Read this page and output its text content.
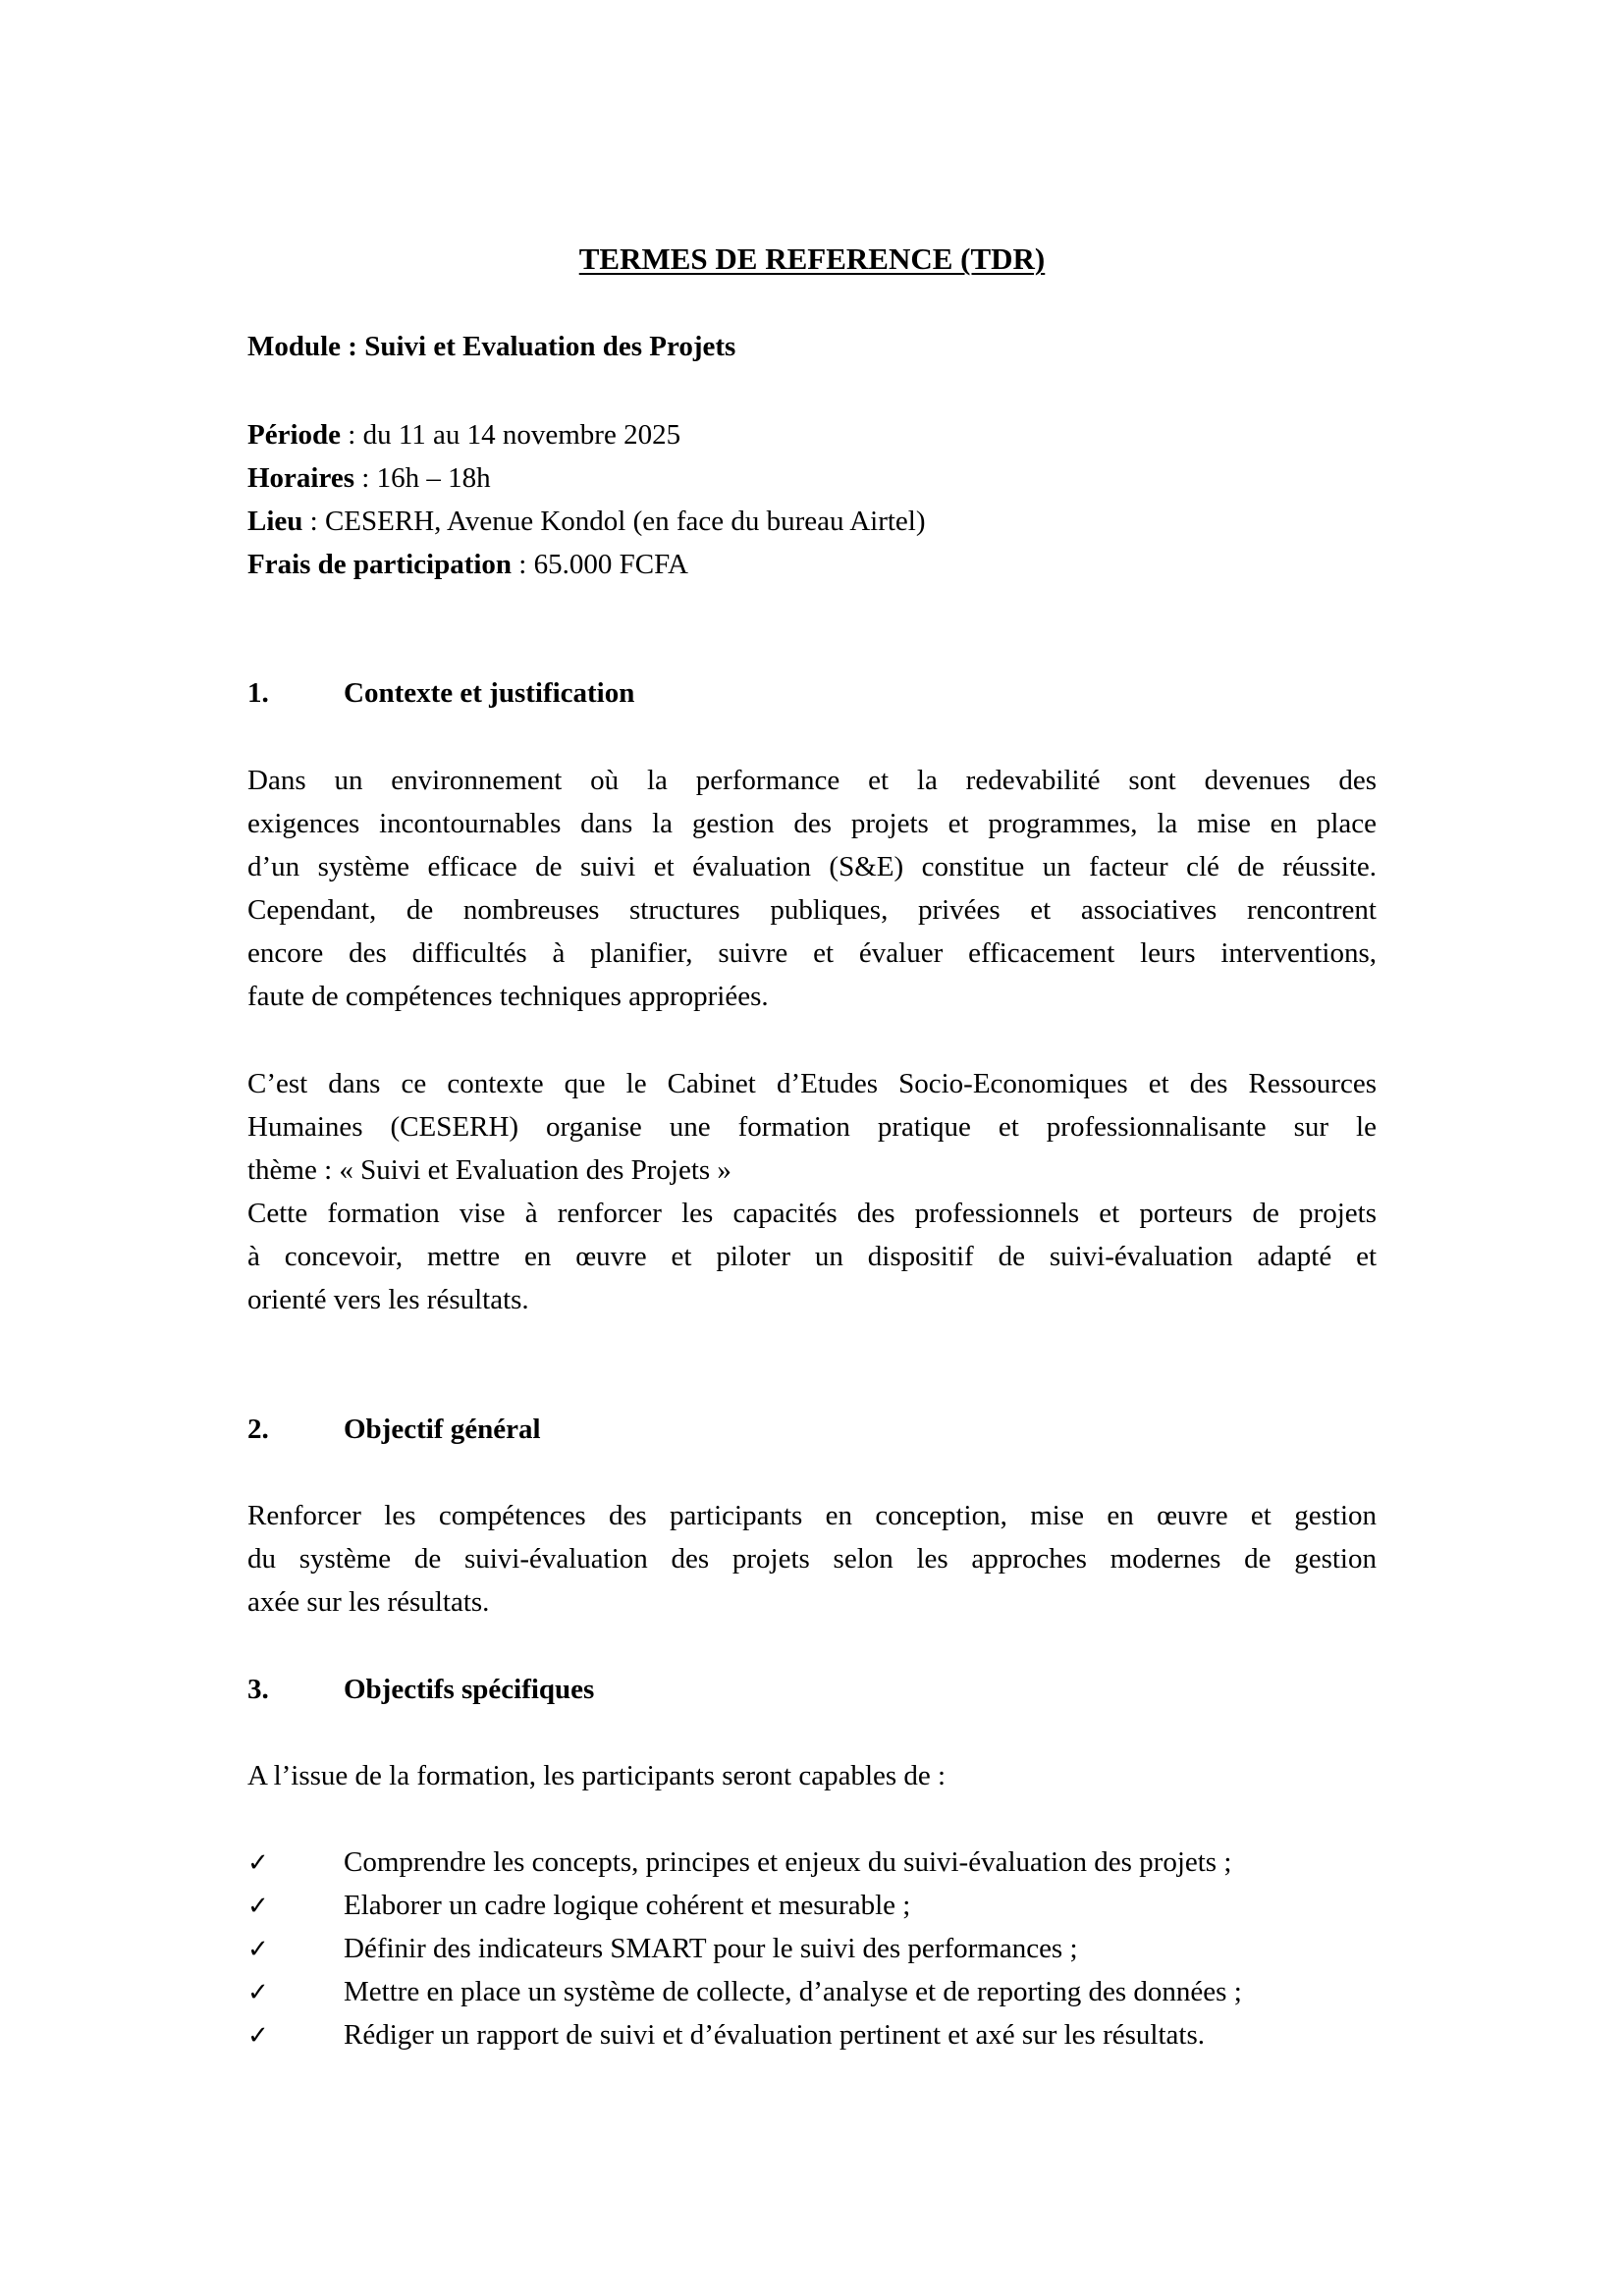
TERMES DE REFERENCE (TDR)
Module : Suivi et Evaluation des Projets
Période : du 11 au 14 novembre 2025
Horaires : 16h – 18h
Lieu : CESERH, Avenue Kondol (en face du bureau Airtel)
Frais de participation : 65.000 FCFA
1.	Contexte et justification
Dans un environnement où la performance et la redevabilité sont devenues des
exigences incontournables dans la gestion des projets et programmes, la mise en place
d’un système efficace de suivi et évaluation (S&E) constitue un facteur clé de réussite.
Cependant, de nombreuses structures publiques, privées et associatives rencontrent
encore des difficultés à planifier, suivre et évaluer efficacement leurs interventions,
faute de compétences techniques appropriées.
C’est dans ce contexte que le Cabinet d’Etudes Socio-Economiques et des Ressources
Humaines (CESERH) organise une formation pratique et professionnalisante sur le
thème : « Suivi et Evaluation des Projets »
Cette formation vise à renforcer les capacités des professionnels et porteurs de projets
à concevoir, mettre en œuvre et piloter un dispositif de suivi-évaluation adapté et
orienté vers les résultats.
2.	Objectif général
Renforcer les compétences des participants en conception, mise en œuvre et gestion
du système de suivi-évaluation des projets selon les approches modernes de gestion
axée sur les résultats.
3.	Objectifs spécifiques
A l’issue de la formation, les participants seront capables de :
✓	Comprendre les concepts, principes et enjeux du suivi-évaluation des projets ;
✓	Elaborer un cadre logique cohérent et mesurable ;
✓	Définir des indicateurs SMART pour le suivi des performances ;
✓	Mettre en place un système de collecte, d’analyse et de reporting des données ;
✓	Rédiger un rapport de suivi et d’évaluation pertinent et axé sur les résultats.
